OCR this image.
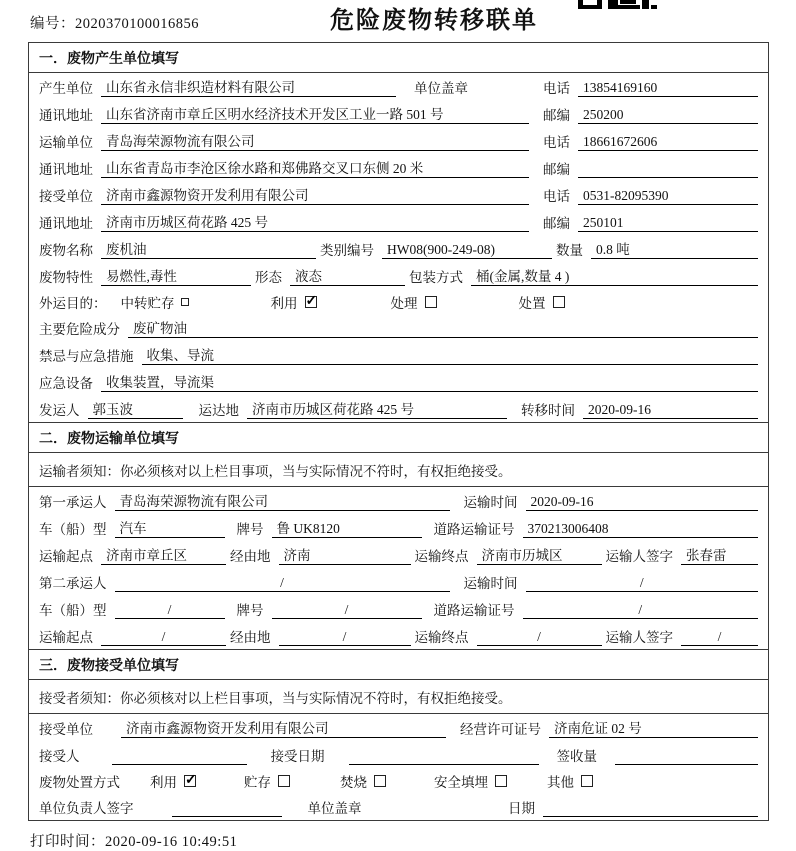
编号：2020370100016856	危险废物转移联单
一．废物产生单位填写
产生单位 山东省永信非织造材料有限公司	单位盖章	电话 13854169160
通讯地址 山东省济南市章丘区明水经济技术开发区工业一路 501 号	邮编 250200
运输单位 青岛海荣源物流有限公司	电话 18661672606
通讯地址 山东省青岛市李沧区徐水路和郑佛路交叉口东侧 20 米	邮编
接受单位 济南市鑫源物资开发利用有限公司	电话 0531-82095390
通讯地址 济南市历城区荷花路 425 号	邮编 250101
废物名称 废机油	类别编号 HW08(900-249-08)	数量 0.8 吨
废物特性 易燃性,毒性	形态 液态	包装方式 桶(金属,数量 4 )
外运目的： 中转贮存	利用 ✓	处理	处置
主要危险成分 废矿物油
禁忌与应急措施 收集、导流
应急设备 收集装置，导流渠
发运人 郭玉波	运达地 济南市历城区荷花路 425 号	转移时间 2020-09-16
二．废物运输单位填写
运输者须知：你必须核对以上栏目事项，当与实际情况不符时，有权拒绝接受。
第一承运人 青岛海荣源物流有限公司	运输时间 2020-09-16
车（船）型 汽车	牌号 鲁 UK8120	道路运输证号 370213006408
运输起点 济南市章丘区	经由地 济南	运输终点 济南市历城区	运输人签字 张春雷
第二承运人	/	运输时间	/
车（船）型	/	牌号	/	道路运输证号	/
运输起点	/	经由地	/	运输终点	/	运输人签字	/
三．废物接受单位填写
接受者须知：你必须核对以上栏目事项，当与实际情况不符时，有权拒绝接受。
接受单位	济南市鑫源物资开发利用有限公司	经营许可证号 济南危证 02 号
接受人	接受日期	签收量
废物处置方式 利用 ✓	贮存	焚烧	安全填埋	其他
单位负责人签字	单位盖章	日期
打印时间：2020-09-16 10:49:51
